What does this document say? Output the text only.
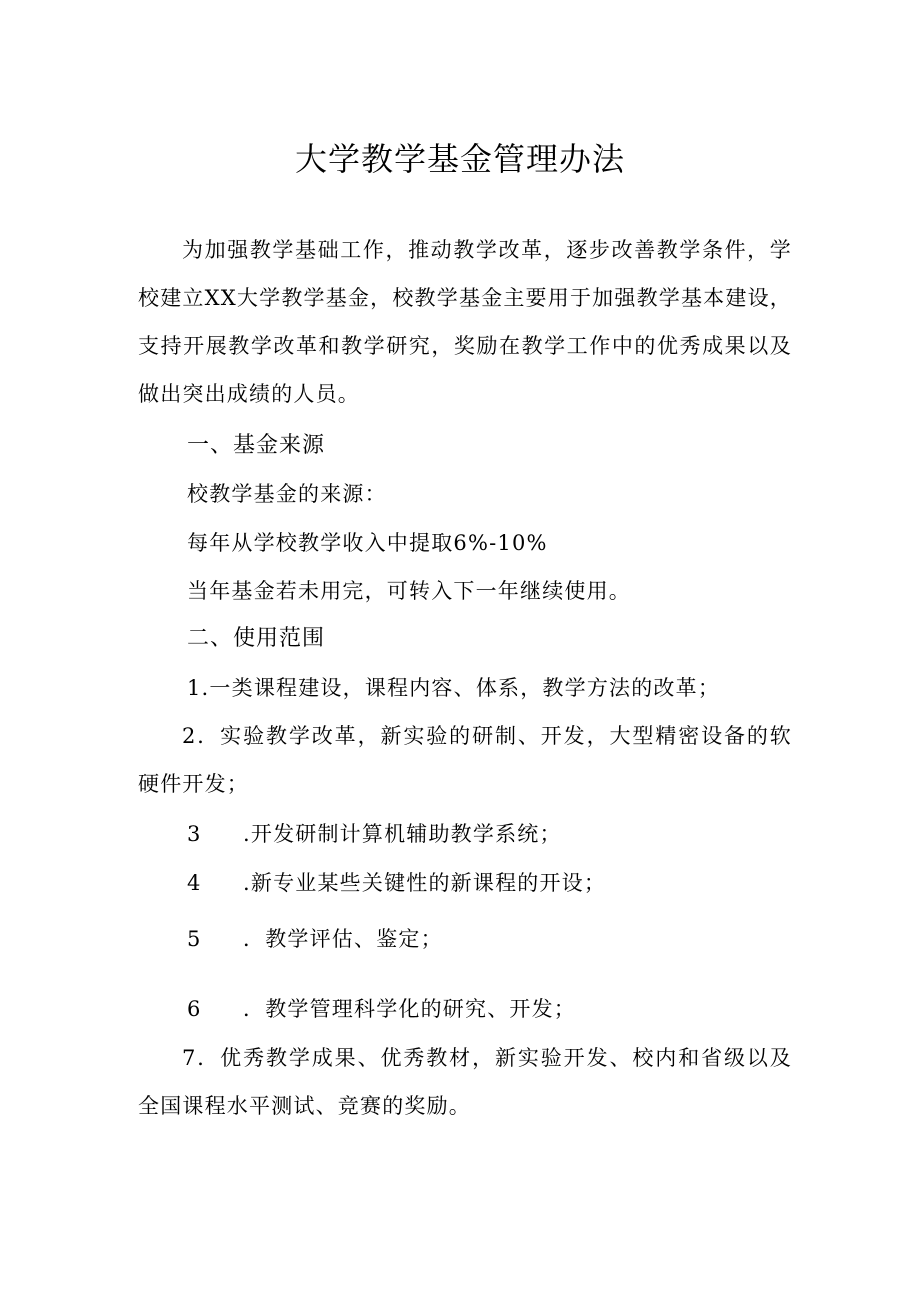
大学教学基金管理办法
为加强教学基础工作，推动教学改革，逐步改善教学条件，学校建立XX大学教学基金，校教学基金主要用于加强教学基本建设，支持开展教学改革和教学研究，奖励在教学工作中的优秀成果以及做出突出成绩的人员。
一、基金来源
校教学基金的来源：
每年从学校教学收入中提取6%-10%
当年基金若未用完，可转入下一年继续使用。
二、使用范围
1.一类课程建设，课程内容、体系，教学方法的改革；
2．实验教学改革，新实验的研制、开发，大型精密设备的软硬件开发；
3 .开发研制计算机辅助教学系统；
4 .新专业某些关键性的新课程的开设；
5 ．教学评估、鉴定；
6 ．教学管理科学化的研究、开发；
7．优秀教学成果、优秀教材，新实验开发、校内和省级以及全国课程水平测试、竞赛的奖励。
